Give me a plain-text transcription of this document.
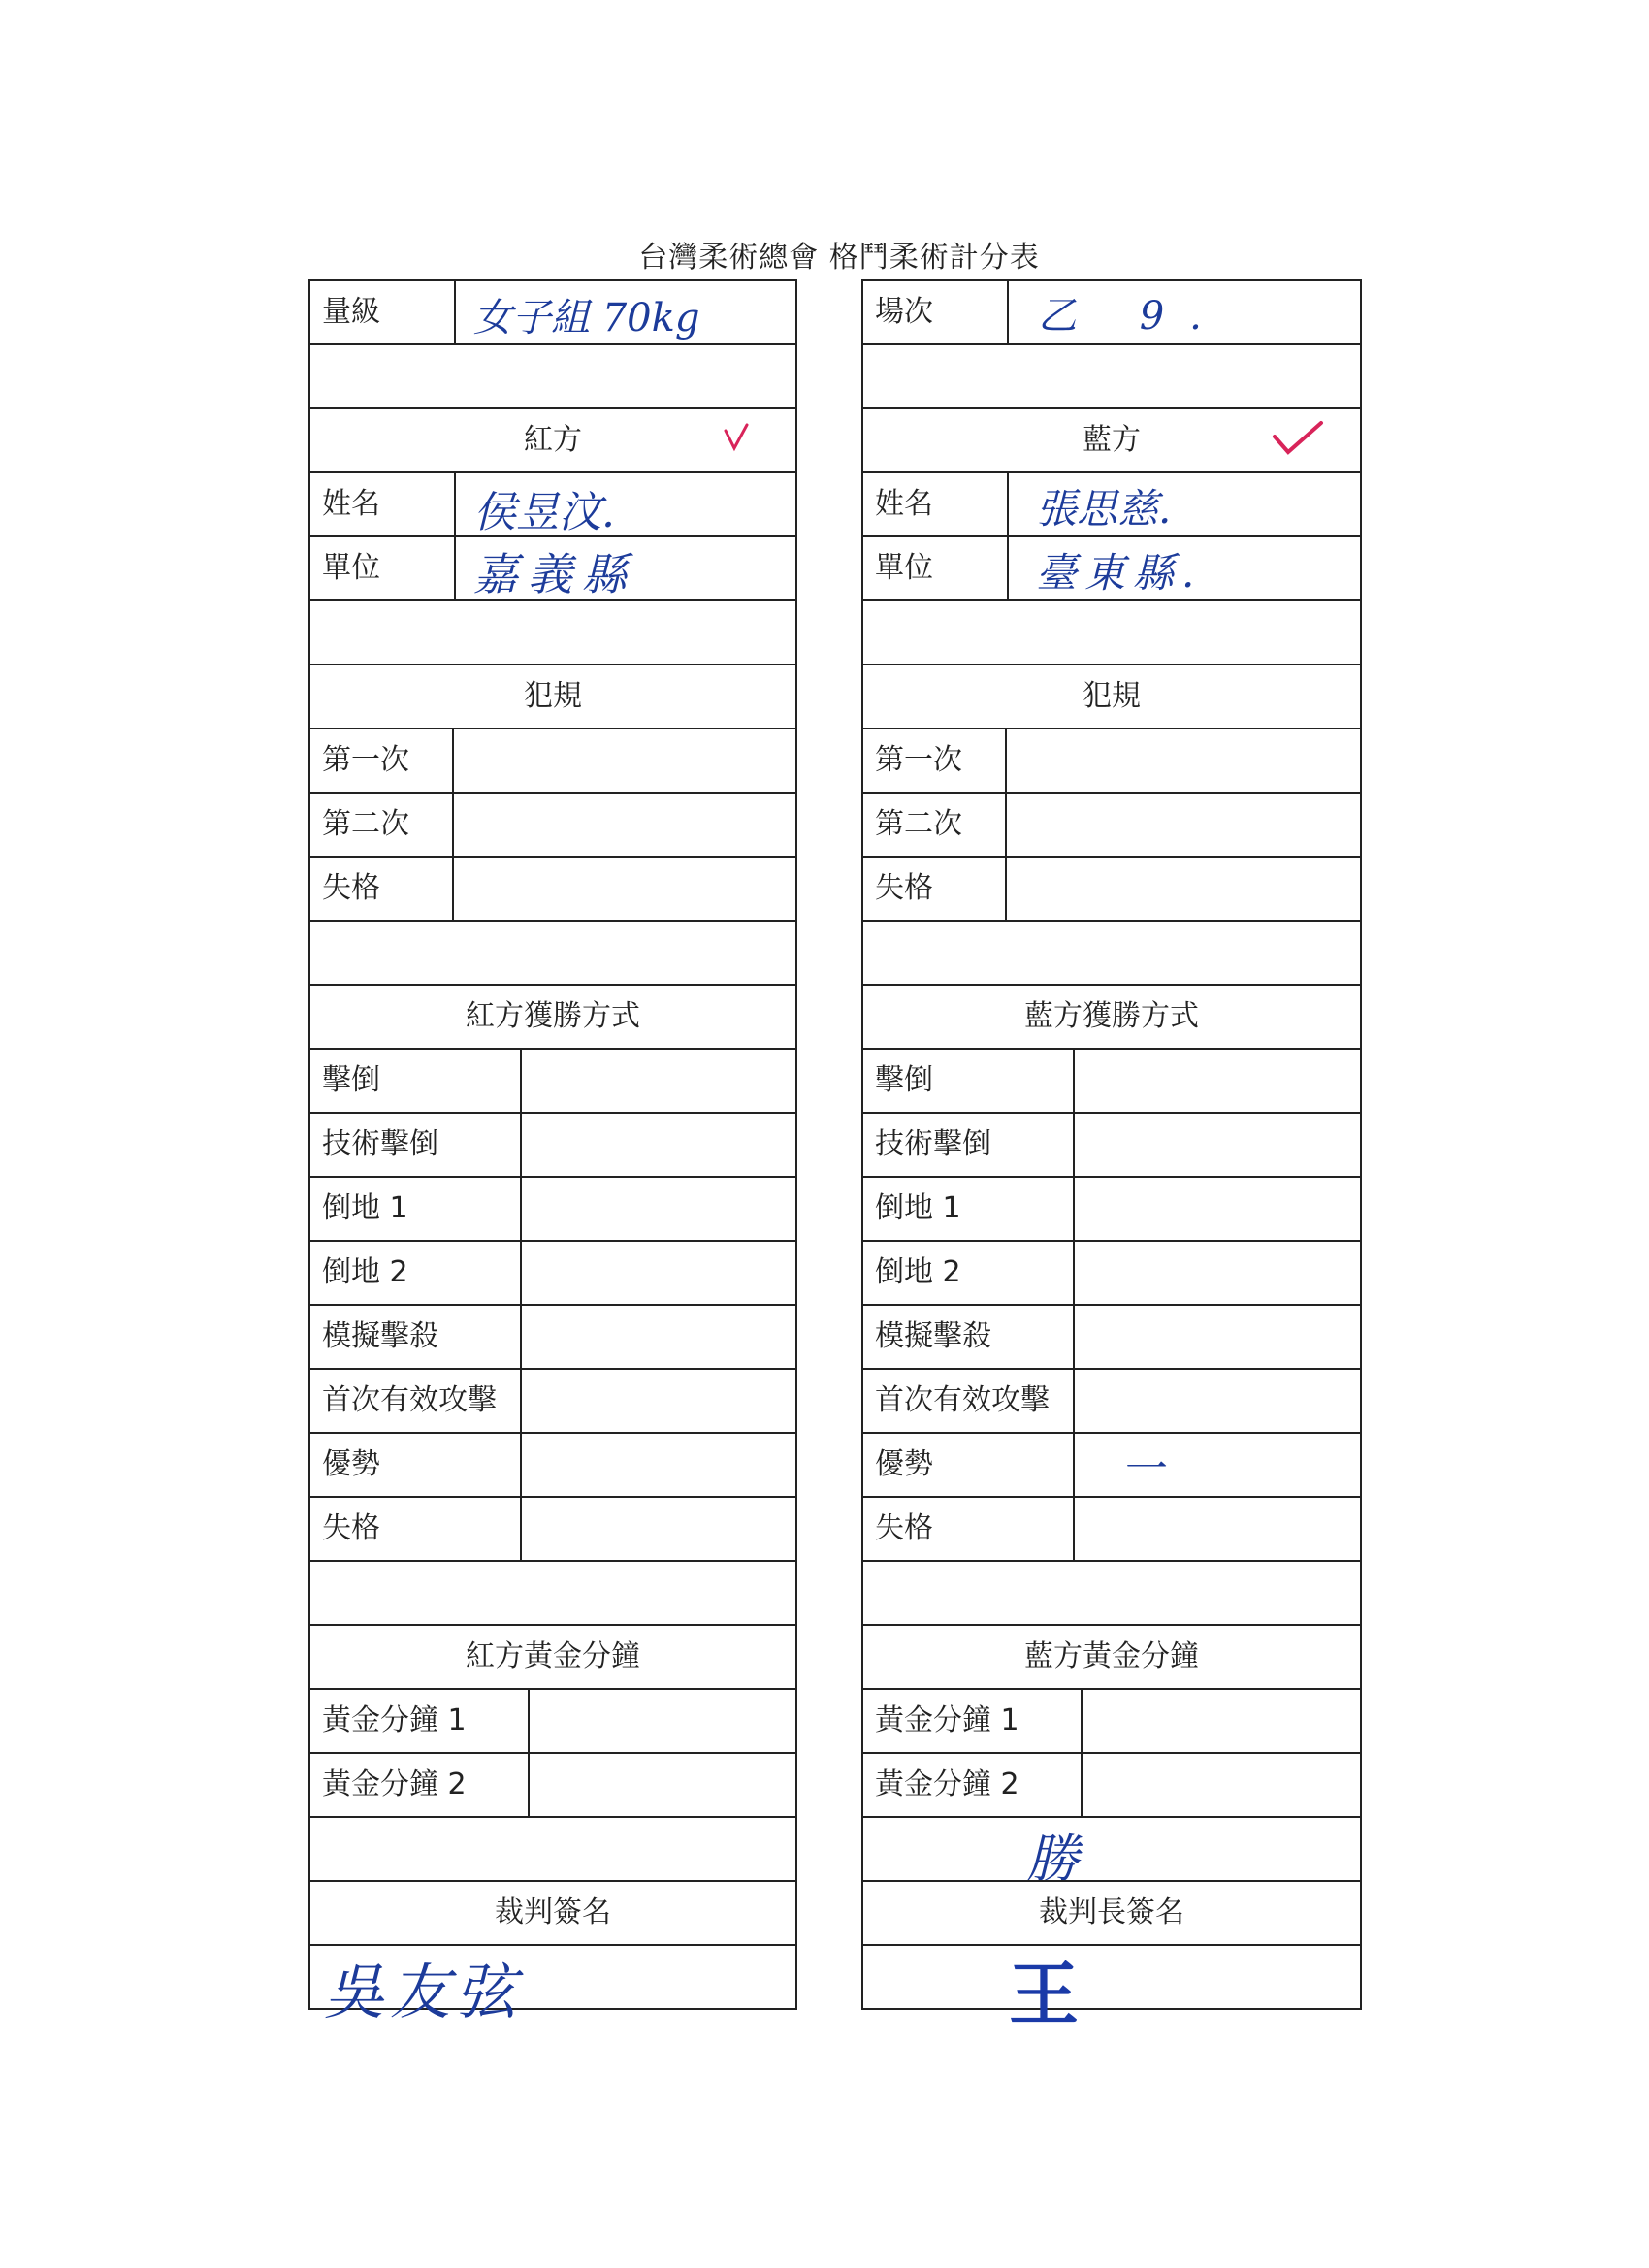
台灣柔術總會 格鬥柔術計分表
量級	女子組 70kg
紅方
姓名	侯昱汶.
單位	嘉義縣
犯規
第一次
第二次
失格
紅方獲勝方式
擊倒
技術擊倒
倒地 1
倒地 2
模擬擊殺
首次有效攻擊
優勢
失格
紅方黃金分鐘
黃金分鐘 1
黃金分鐘 2
裁判簽名
吳友弦
場次	乙 9.
藍方
姓名	張思慈.
單位	臺東縣.
犯規
第一次
第二次
失格
藍方獲勝方式
擊倒
技術擊倒
倒地 1
倒地 2
模擬擊殺
首次有效攻擊
優勢	一
失格
藍方黃金分鐘
黃金分鐘 1
黃金分鐘 2
勝
裁判長簽名
王
